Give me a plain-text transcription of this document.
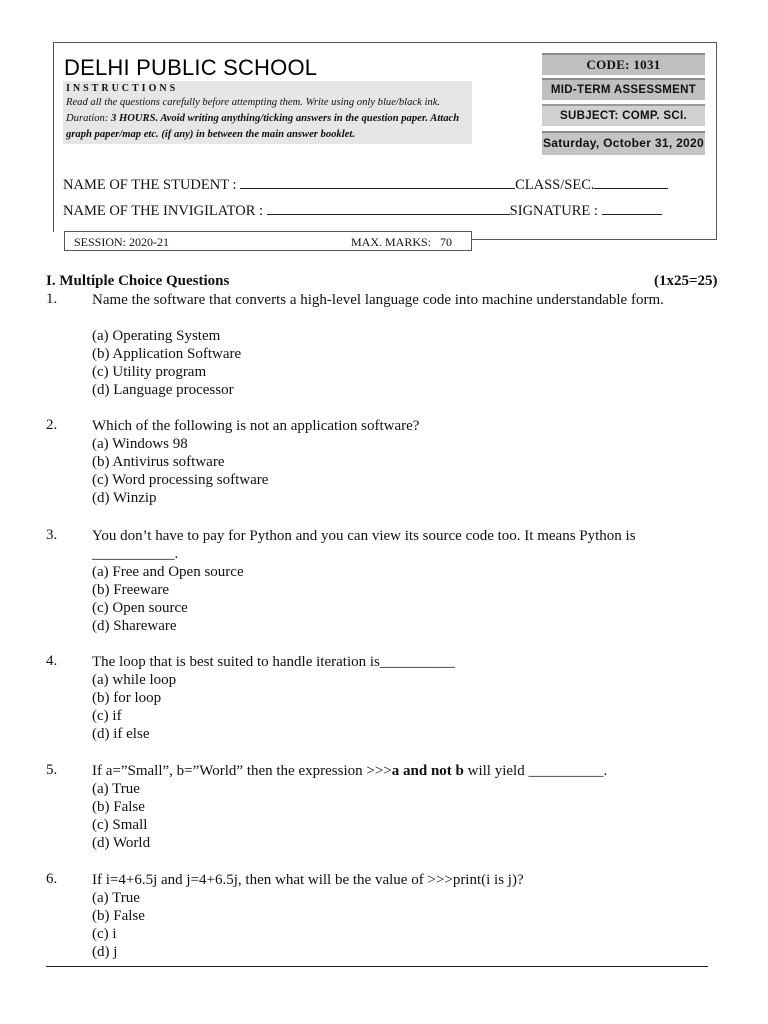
DELHI PUBLIC SCHOOL
INSTRUCTIONS
Read all the questions carefully before attempting them. Write using only blue/black ink. Duration: 3 HOURS. Avoid writing anything/ticking answers in the question paper. Attach graph paper/map etc. (if any) in between the main answer booklet.
CODE: 1031
MID-TERM ASSESSMENT
SUBJECT: COMP. SCI.
Saturday, October 31, 2020
NAME OF THE STUDENT :	CLASS/SEC.
NAME OF THE INVIGILATOR :	SIGNATURE :
SESSION: 2020-21	MAX. MARKS:   70
I. Multiple Choice Questions	(1x25=25)
1. Name the software that converts a high-level language code into machine understandable form.
(a) Operating System
(b) Application Software
(c) Utility program
(d) Language processor
2. Which of the following is not an application software?
(a) Windows 98
(b) Antivirus software
(c) Word processing software
(d) Winzip
3. You don’t have to pay for Python and you can view its source code too. It means Python is ___________.
(a) Free and Open source
(b) Freeware
(c) Open source
(d) Shareware
4. The loop that is best suited to handle iteration is__________
(a) while loop
(b) for loop
(c) if
(d) if else
5. If a=”Small”, b=”World” then the expression >>>a and not b will yield __________.
(a) True
(b) False
(c) Small
(d) World
6. If i=4+6.5j and j=4+6.5j, then what will be the value of >>>print(i is j)?
(a) True
(b) False
(c) i
(d) j
